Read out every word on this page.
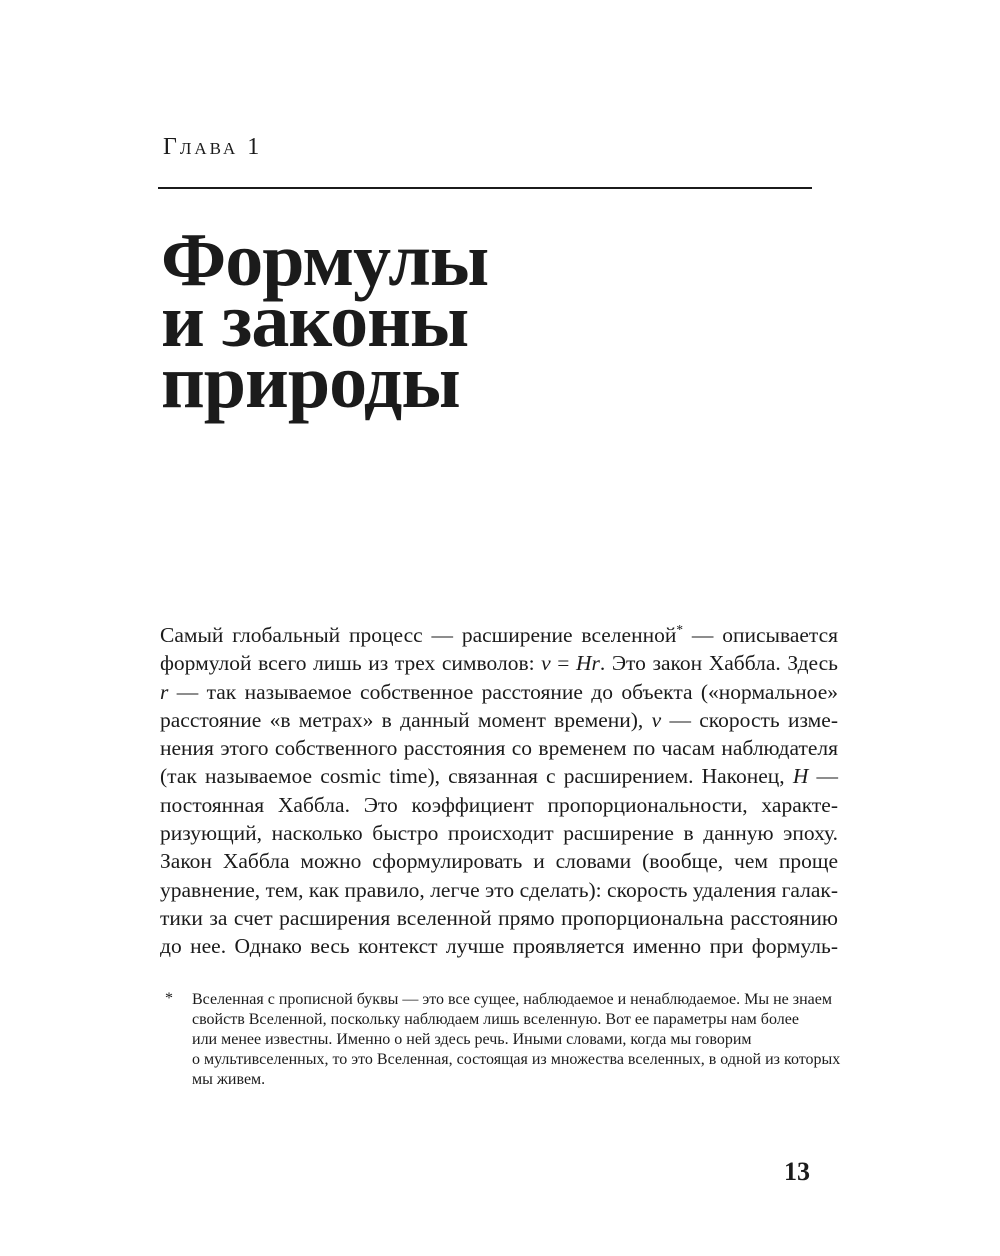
Глава 1
Формулы
и законы
природы
Самый глобальный процесс — расширение вселенной* — описывается
формулой всего лишь из трех символов: v = Hr. Это закон Хаббла. Здесь
r — так называемое собственное расстояние до объекта («нормальное»
расстояние «в метрах» в данный момент времени), v — скорость изме-
нения этого собственного расстояния со временем по часам наблюдателя
(так называемое cosmic time), связанная с расширением. Наконец, H —
постоянная Хаббла. Это коэффициент пропорциональности, характе-
ризующий, насколько быстро происходит расширение в данную эпоху.
Закон Хаббла можно сформулировать и словами (вообще, чем проще
уравнение, тем, как правило, легче это сделать): скорость удаления галак-
тики за счет расширения вселенной прямо пропорциональна расстоянию
до нее. Однако весь контекст лучше проявляется именно при формуль-
* Вселенная с прописной буквы — это все сущее, наблюдаемое и ненаблюдаемое. Мы не знаем
свойств Вселенной, поскольку наблюдаем лишь вселенную. Вот ее параметры нам более
или менее известны. Именно о ней здесь речь. Иными словами, когда мы говорим
о мультивселенных, то это Вселенная, состоящая из множества вселенных, в одной из которых
мы живем.
13
